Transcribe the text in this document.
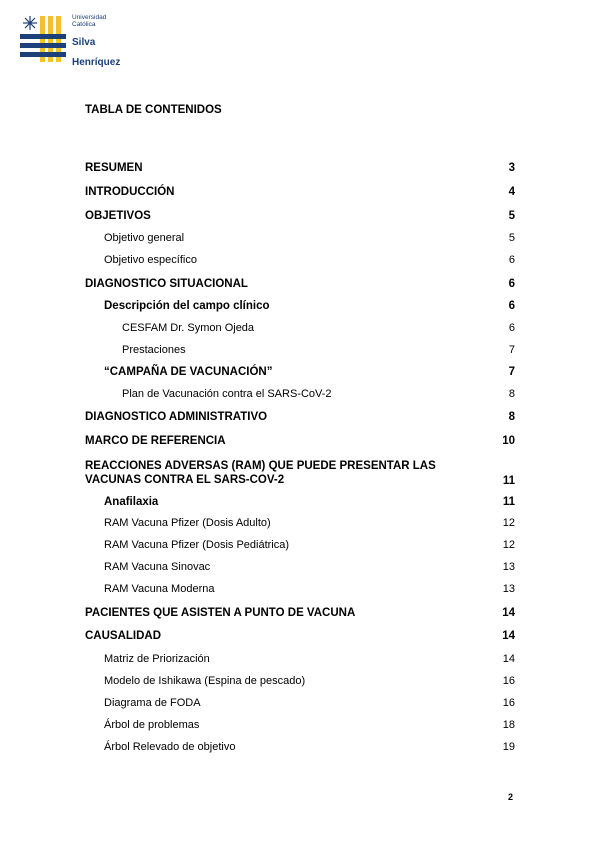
Universidad
Católica
Silva
Henríquez
TABLA DE CONTENIDOS
RESUMEN	3
INTRODUCCIÓN	4
OBJETIVOS	5
Objetivo general	5
Objetivo específico	6
DIAGNOSTICO SITUACIONAL	6
Descripción del campo clínico	6
CESFAM Dr. Symon Ojeda	6
Prestaciones	7
“CAMPAÑA DE VACUNACIÓN”	7
Plan de Vacunación contra el SARS-CoV-2	8
DIAGNOSTICO ADMINISTRATIVO	8
MARCO DE REFERENCIA	10
REACCIONES ADVERSAS (RAM) QUE PUEDE PRESENTAR LAS VACUNAS CONTRA EL SARS-COV-2	11
Anafilaxia	11
RAM Vacuna Pfizer (Dosis Adulto)	12
RAM Vacuna Pfizer (Dosis Pediátrica)	12
RAM Vacuna Sinovac	13
RAM Vacuna Moderna	13
PACIENTES QUE ASISTEN A PUNTO DE VACUNA	14
CAUSALIDAD	14
Matriz de Priorización	14
Modelo de Ishikawa (Espina de pescado)	16
Diagrama de FODA	16
Árbol de problemas	18
Árbol Relevado de objetivo	19
2
